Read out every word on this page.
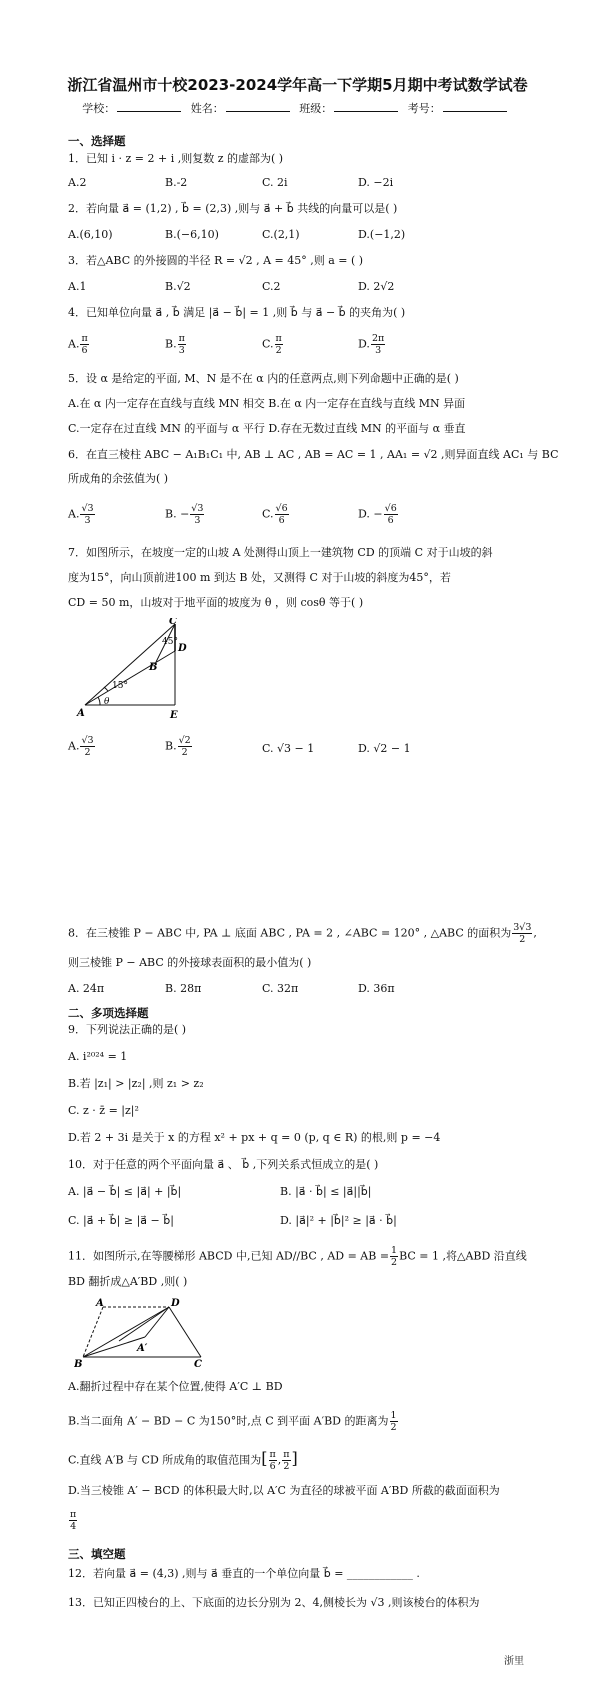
浙江省温州市十校2023-2024学年高一下学期5月期中考试数学试卷
学校：	姓名：	班级：	考号：
一、选择题
1．已知 i · z = 2 + i ,则复数 z 的虚部为( )
A.2	B.-2	C. 2i	D. −2i
2．若向量 a⃗ = (1,2) , b⃗ = (2,3) ,则与 a⃗ + b⃗ 共线的向量可以是( )
A.(6,10)	B.(−6,10)	C.(2,1)	D.(−1,2)
3．若△ABC 的外接圆的半径 R = √2 , A = 45° ,则 a = ( )
A.1	B.√2	C.2	D. 2√2
4．已知单位向量 a⃗ , b⃗ 满足 |a⃗ − b⃗| = 1 ,则 b⃗ 与 a⃗ − b⃗ 的夹角为( )
A. $\frac{\pi}{6}$	B. $\frac{\pi}{3}$	C. $\frac{\pi}{2}$	D. $\frac{2\pi}{3}$
5．设 α 是给定的平面, M、N 是不在 α 内的任意两点,则下列命题中正确的是( )
A.在 α 内一定存在直线与直线 MN 相交 B.在 α 内一定存在直线与直线 MN 异面
C.一定存在过直线 MN 的平面与 α 平行 D.存在无数过直线 MN 的平面与 α 垂直
6．在直三棱柱 ABC − A₁B₁C₁ 中, AB ⊥ AC , AB = AC = 1 , AA₁ = √2 ,则异面直线 AC₁ 与 BC
所成角的余弦值为( )
A. $\frac{√3}{3}$	B. − $\frac{√3}{3}$	C. $\frac{√6}{6}$	D. − $\frac{√6}{6}$
7．如图所示，在坡度一定的山坡 A 处测得山顶上一建筑物 CD 的顶端 C 对于山坡的斜
度为15°，向山顶前进100 m 到达 B 处，又测得 C 对于山坡的斜度为45°，若
CD = 50 m，山坡对于地平面的坡度为 θ ，则 cosθ 等于( )
C
D
B
A	E
15°
45°
θ
A. $\frac{√3}{2}$	B. $\frac{√2}{2}$	C. √3 − 1	D. √2 − 1
8．在三棱锥 P − ABC 中, PA ⊥ 底面 ABC , PA = 2 , ∠ABC = 120° , △ABC 的面积为 $\frac{3√3}{2}$ ,
则三棱锥 P − ABC 的外接球表面积的最小值为( )
A. 24π	B. 28π	C. 32π	D. 36π
二、多项选择题
9．下列说法正确的是( )
A. i²⁰²⁴ = 1
B.若 |z₁| > |z₂| ,则 z₁ > z₂
C. z · z̄ = |z|²
D.若 2 + 3i 是关于 x 的方程 x² + px + q = 0 (p, q ∈ R) 的根,则 p = −4
10．对于任意的两个平面向量 a⃗ 、 b⃗ ,下列关系式恒成立的是( )
A. |a⃗ − b⃗| ≤ |a⃗| + |b⃗|	B. |a⃗ · b⃗| ≤ |a⃗||b⃗|
C. |a⃗ + b⃗| ≥ |a⃗ − b⃗|	D. |a⃗|² + |b⃗|² ≥ |a⃗ · b⃗|
11．如图所示,在等腰梯形 ABCD 中,已知 AD//BC , AD = AB = $\frac{1}{2}$ BC = 1 ,将△ABD 沿直线
BD 翻折成△A′BD ,则( )
A	D
A′
B	C
A.翻折过程中存在某个位置,使得 A′C ⊥ BD
B.当二面角 A′ − BD − C 为150°时,点 C 到平面 A′BD 的距离为 $\frac{1}{2}$
C.直线 A′B 与 CD 所成角的取值范围为[ $\frac{\pi}{6}$ , $\frac{\pi}{2}$ ]
D.当三棱锥 A′ − BCD 的体积最大时,以 A′C 为直径的球被平面 A′BD 所截的截面面积为
$\frac{\pi}{4}$
三、填空题
12．若向量 a⃗ = (4,3) ,则与 a⃗ 垂直的一个单位向量 b⃗ = ____________ .
13．已知正四棱台的上、下底面的边长分别为 2、4,侧棱长为 √3 ,则该棱台的体积为
浙里
